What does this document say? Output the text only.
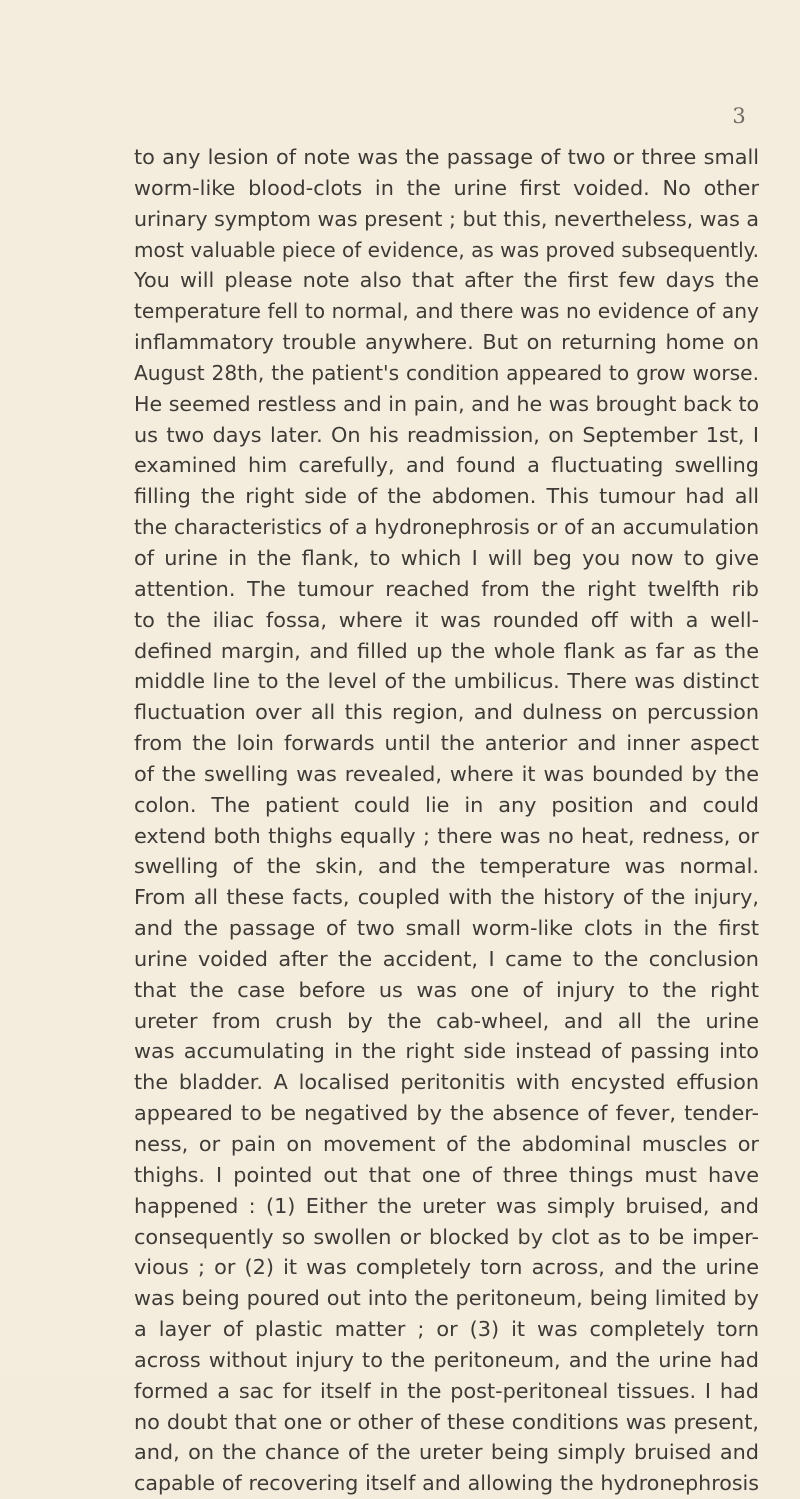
3
to any lesion of note was the passage of two or three small
worm-like blood-clots in the urine first voided. No other
urinary symptom was present ; but this, nevertheless, was a
most valuable piece of evidence, as was proved subsequently.
You will please note also that after the first few days the
temperature fell to normal, and there was no evidence of any
inflammatory trouble anywhere. But on returning home on
August 28th, the patient's condition appeared to grow worse.
He seemed restless and in pain, and he was brought back to
us two days later. On his readmission, on September 1st, I
examined him carefully, and found a fluctuating swelling
filling the right side of the abdomen. This tumour had all
the characteristics of a hydronephrosis or of an accumulation
of urine in the flank, to which I will beg you now to give
attention. The tumour reached from the right twelfth rib
to the iliac fossa, where it was rounded off with a well-
defined margin, and filled up the whole flank as far as the
middle line to the level of the umbilicus. There was distinct
fluctuation over all this region, and dulness on percussion
from the loin forwards until the anterior and inner aspect
of the swelling was revealed, where it was bounded by the
colon. The patient could lie in any position and could
extend both thighs equally ; there was no heat, redness, or
swelling of the skin, and the temperature was normal.
From all these facts, coupled with the history of the injury,
and the passage of two small worm-like clots in the first
urine voided after the accident, I came to the conclusion
that the case before us was one of injury to the right
ureter from crush by the cab-wheel, and all the urine
was accumulating in the right side instead of passing into
the bladder. A localised peritonitis with encysted effusion
appeared to be negatived by the absence of fever, tender-
ness, or pain on movement of the abdominal muscles or
thighs. I pointed out that one of three things must have
happened : (1) Either the ureter was simply bruised, and
consequently so swollen or blocked by clot as to be imper-
vious ; or (2) it was completely torn across, and the urine
was being poured out into the peritoneum, being limited by
a layer of plastic matter ; or (3) it was completely torn
across without injury to the peritoneum, and the urine had
formed a sac for itself in the post-peritoneal tissues. I had
no doubt that one or other of these conditions was present,
and, on the chance of the ureter being simply bruised and
capable of recovering itself and allowing the hydronephrosis
